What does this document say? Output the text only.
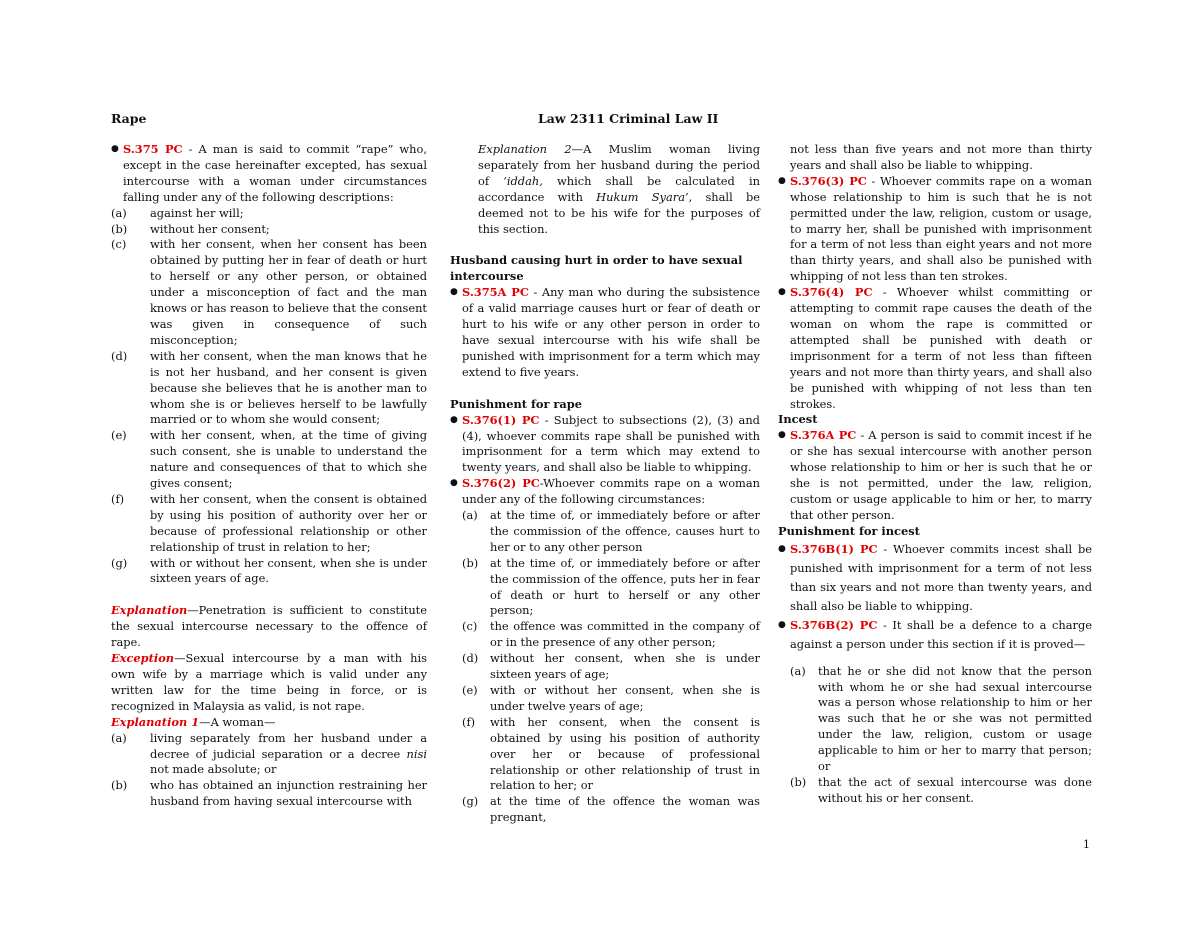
Rape	Law 2311 Criminal Law II
● S.375 PC - A man is said to commit “rape” who, except in the case hereinafter excepted, has sexual intercourse with a woman under circumstances falling under any of the following descriptions:
(a) against her will;
(b) without her consent;
(c) with her consent, when her consent has been obtained by putting her in fear of death or hurt to herself or any other person, or obtained under a misconception of fact and the man knows or has reason to believe that the consent was given in consequence of such misconception;
(d) with her consent, when the man knows that he is not her husband, and her consent is given because she believes that he is another man to whom she is or believes herself to be lawfully married or to whom she would consent;
(e) with her consent, when, at the time of giving such consent, she is unable to understand the nature and consequences of that to which she gives consent;
(f) with her consent, when the consent is obtained by using his position of authority over her or because of professional relationship or other relationship of trust in relation to her;
(g) with or without her consent, when she is under sixteen years of age.

Explanation—Penetration is sufficient to constitute the sexual intercourse necessary to the offence of rape.

Exception—Sexual intercourse by a man with his own wife by a marriage which is valid under any written law for the time being in force, or is recognized in Malaysia as valid, is not rape.

Explanation 1—A woman—

(a) living separately from her husband under a decree of judicial separation or a decree nisi not made absolute; or
(b) who has obtained an injunction restraining her husband from having sexual intercourse with

Explanation 2—A Muslim woman living separately from her husband during the period of ‘iddah, which shall be calculated in accordance with Hukum Syara’, shall be deemed not to be his wife for the purposes of this section.

Husband causing hurt in order to have sexual intercourse

● S.375A PC - Any man who during the subsistence of a valid marriage causes hurt or fear of death or hurt to his wife or any other person in order to have sexual intercourse with his wife shall be punished with imprisonment for a term which may extend to five years.

Punishment for rape

● S.376(1) PC - Subject to subsections (2), (3) and (4), whoever commits rape shall be punished with imprisonment for a term which may extend to twenty years, and shall also be liable to whipping.
● S.376(2) PC-Whoever commits rape on a woman under any of the following circumstances:
(a) at the time of, or immediately before or after the commission of the offence, causes hurt to her or to any other person
(b) at the time of, or immediately before or after the commission of the offence, puts her in fear of death or hurt to herself or any other person;
(c) the offence was committed in the company of or in the presence of any other person;
(d) without her consent, when she is under sixteen years of age;
(e) with or without her consent, when she is under twelve years of age;
(f) with her consent, when the consent is obtained by using his position of authority over her or because of professional relationship or other relationship of trust in relation to her; or
(g) at the time of the offence the woman was pregnant,

not less than five years and not more than thirty years and shall also be liable to whipping.

● S.376(3) PC - Whoever commits rape on a woman whose relationship to him is such that he is not permitted under the law, religion, custom or usage, to marry her, shall be punished with imprisonment for a term of not less than eight years and not more than thirty years, and shall also be punished with whipping of not less than ten strokes.
● S.376(4) PC - Whoever whilst committing or attempting to commit rape causes the death of the woman on whom the rape is committed or attempted shall be punished with death or imprisonment for a term of not less than fifteen years and not more than thirty years, and shall also be punished with whipping of not less than ten strokes.

Incest

● S.376A PC - A person is said to commit incest if he or she has sexual intercourse with another person whose relationship to him or her is such that he or she is not permitted, under the law, religion, custom or usage applicable to him or her, to marry that other person.

Punishment for incest

● S.376B(1) PC - Whoever commits incest shall be punished with imprisonment for a term of not less than six years and not more than twenty years, and shall also be liable to whipping.
● S.376B(2) PC - It shall be a defence to a charge against a person under this section if it is proved—
(a) that he or she did not know that the person with whom he or she had sexual intercourse was a person whose relationship to him or her was such that he or she was not permitted under the law, religion, custom or usage applicable to him or her to marry that person; or
(b) that the act of sexual intercourse was done without his or her consent.
1
